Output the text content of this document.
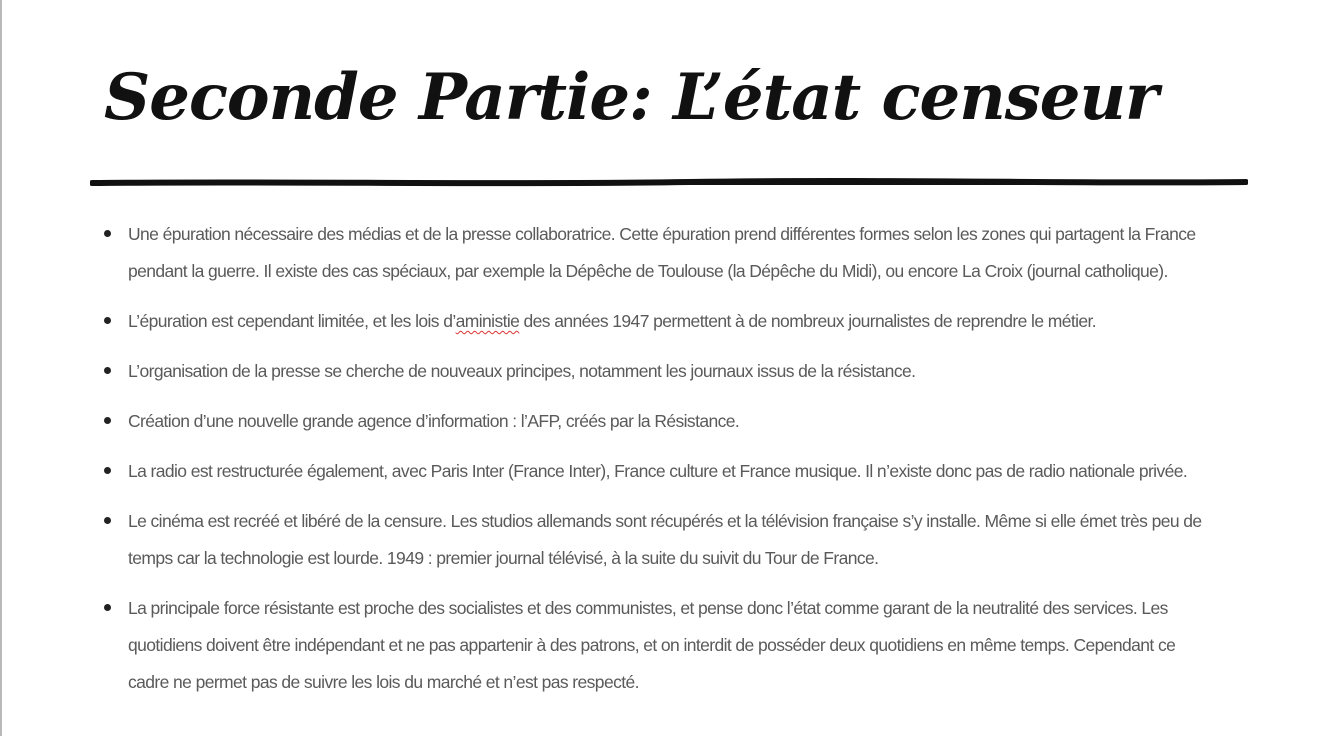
Seconde Partie: L’état censeur
Une épuration nécessaire des médias et de la presse collaboratrice. Cette épuration prend différentes formes selon les zones qui partagent la France pendant la guerre. Il existe des cas spéciaux, par exemple la Dépêche de Toulouse (la Dépêche du Midi), ou encore La Croix (journal catholique).
L’épuration est cependant limitée, et les lois d’aministie des années 1947 permettent à de nombreux journalistes de reprendre le métier.
L’organisation de la presse se cherche de nouveaux principes, notamment les journaux issus de la résistance.
Création d’une nouvelle grande agence d’information : l’AFP, créés par la Résistance.
La radio est restructurée également, avec Paris Inter (France Inter), France culture et France musique. Il n’existe donc pas de radio nationale privée.
Le cinéma est recréé et libéré de la censure. Les studios allemands sont récupérés et la télévision française s’y installe. Même si elle émet très peu de temps car la technologie est lourde. 1949 : premier journal télévisé, à la suite du suivit du Tour de France.
La principale force résistante est proche des socialistes et des communistes, et pense donc l’état comme garant de la neutralité des services. Les quotidiens doivent être indépendant et ne pas appartenir à des patrons, et on interdit de posséder deux quotidiens en même temps. Cependant ce cadre ne permet pas de suivre les lois du marché et n’est pas respecté.
